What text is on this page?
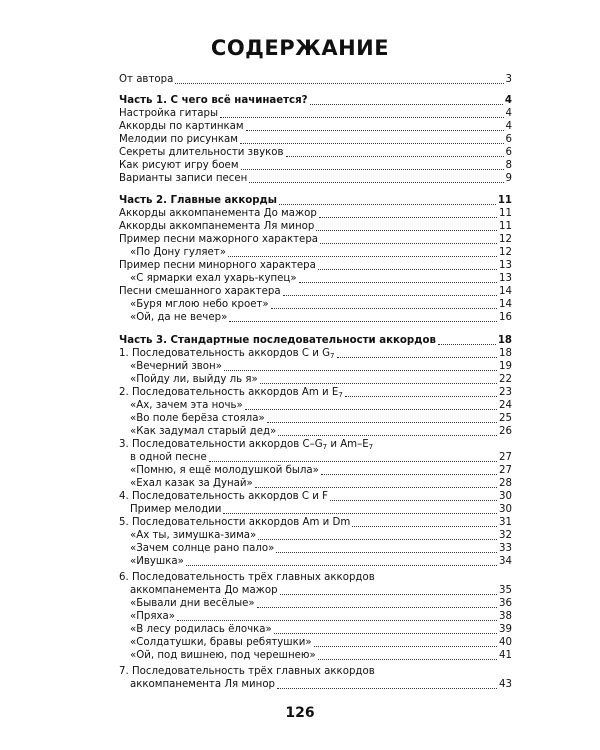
СОДЕРЖАНИЕ
От автора	3
Часть 1. С чего всё начинается?	4
Настройка гитары	4
Аккорды по картинкам	4
Мелодии по рисункам	6
Секреты длительности звуков	6
Как рисуют игру боем	8
Варианты записи песен	9
Часть 2. Главные аккорды	11
Аккорды аккомпанемента До мажор	11
Аккорды аккомпанемента Ля минор	11
Пример песни мажорного характера	12
«По Дону гуляет»	12
Пример песни минорного характера	13
«С ярмарки ехал ухарь-купец»	13
Песни смешанного характера	14
«Буря мглою небо кроет»	14
«Ой, да не вечер»	16
Часть 3. Стандартные последовательности аккордов	18
1. Последовательность аккордов C и $G_7$	18
«Вечерний звон»	19
«Пойду ли, выйду ль я»	22
2. Последовательность аккордов Am и $E_7$	23
«Ах, зачем эта ночь»	24
«Во поле берёза стояла»	25
«Как задумал старый дед»	26
3. Последовательности аккордов $C-G_7$ и $Am-E_7$
в одной песне	27
«Помню, я ещё молодушкой была»	27
«Ехал казак за Дунай»	28
4. Последовательность аккордов C и F	30
Пример мелодии	30
5. Последовательности аккордов Am и Dm	31
«Ах ты, зимушка-зима»	32
«Зачем солнце рано пало»	33
«Ивушка»	34
6. Последовательность трёх главных аккордов
аккомпанемента До мажор	35
«Бывали дни весёлые»	36
«Пряха»	38
«В лесу родилась ёлочка»	39
«Солдатушки, бравы ребятушки»	40
«Ой, под вишнею, под черешнею»	41
7. Последовательность трёх главных аккордов
аккомпанемента Ля минор	43
126
